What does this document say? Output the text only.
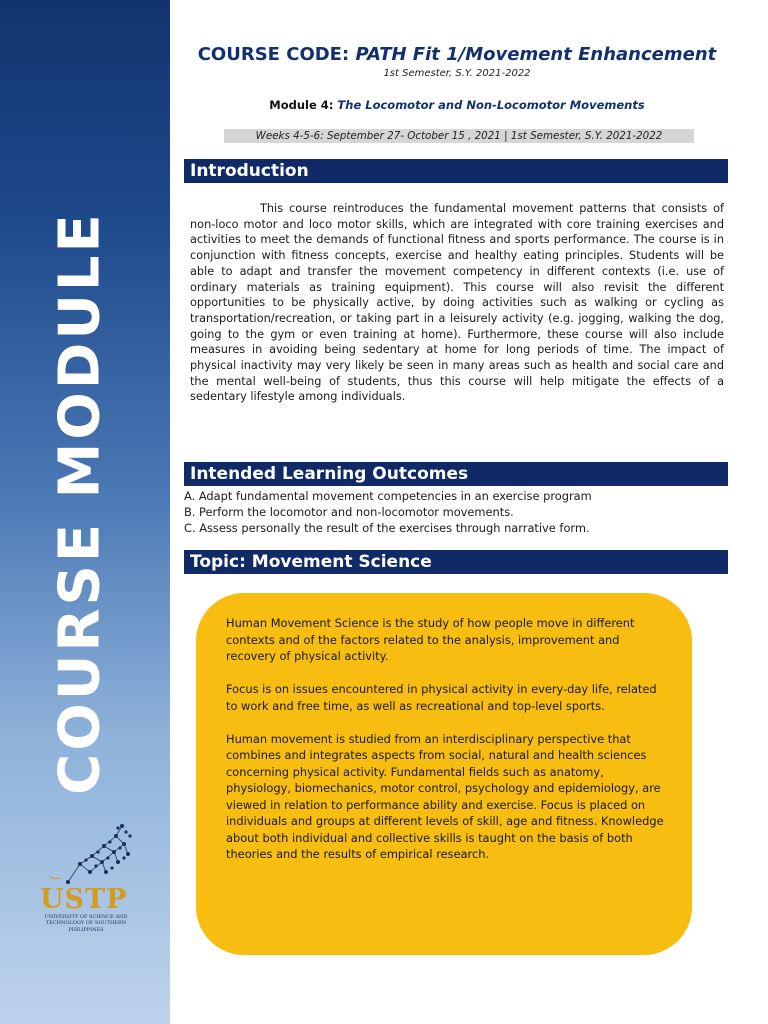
COURSE MODULE
USTP
UNIVERSITY OF SCIENCE AND TECHNOLOGY OF SOUTHERN PHILIPPINES
COURSE CODE: PATH Fit 1/Movement Enhancement
1st Semester, S.Y. 2021-2022
Module 4: The Locomotor and Non-Locomotor Movements
Weeks 4-5-6: September 27- October 15 , 2021 | 1st Semester, S.Y. 2021-2022
Introduction

This course reintroduces the fundamental movement patterns that consists of non-loco motor and loco motor skills, which are integrated with core training exercises and activities to meet the demands of functional fitness and sports performance. The course is in conjunction with fitness concepts, exercise and healthy eating principles. Students will be able to adapt and transfer the movement competency in different contexts (i.e. use of ordinary materials as training equipment). This course will also revisit the different opportunities to be physically active, by doing activities such as walking or cycling as transportation/recreation, or taking part in a leisurely activity (e.g. jogging, walking the dog, going to the gym or even training at home). Furthermore, these course will also include measures in avoiding being sedentary at home for long periods of time. The impact of physical inactivity may very likely be seen in many areas such as health and social care and the mental well-being of students, thus this course will help mitigate the effects of a sedentary lifestyle among individuals.

Intended Learning Outcomes
A. Adapt fundamental movement competencies in an exercise program
B. Perform the locomotor and non-locomotor movements.
C. Assess personally the result of the exercises through narrative form.
Topic: Movement Science

Human Movement Science is the study of how people move in different contexts and of the factors related to the analysis, improvement and recovery of physical activity.

Focus is on issues encountered in physical activity in every-day life, related to work and free time, as well as recreational and top-level sports.

Human movement is studied from an interdisciplinary perspective that combines and integrates aspects from social, natural and health sciences concerning physical activity. Fundamental fields such as anatomy, physiology, biomechanics, motor control, psychology and epidemiology, are viewed in relation to performance ability and exercise. Focus is placed on individuals and groups at different levels of skill, age and fitness. Knowledge about both individual and collective skills is taught on the basis of both theories and the results of empirical research.
